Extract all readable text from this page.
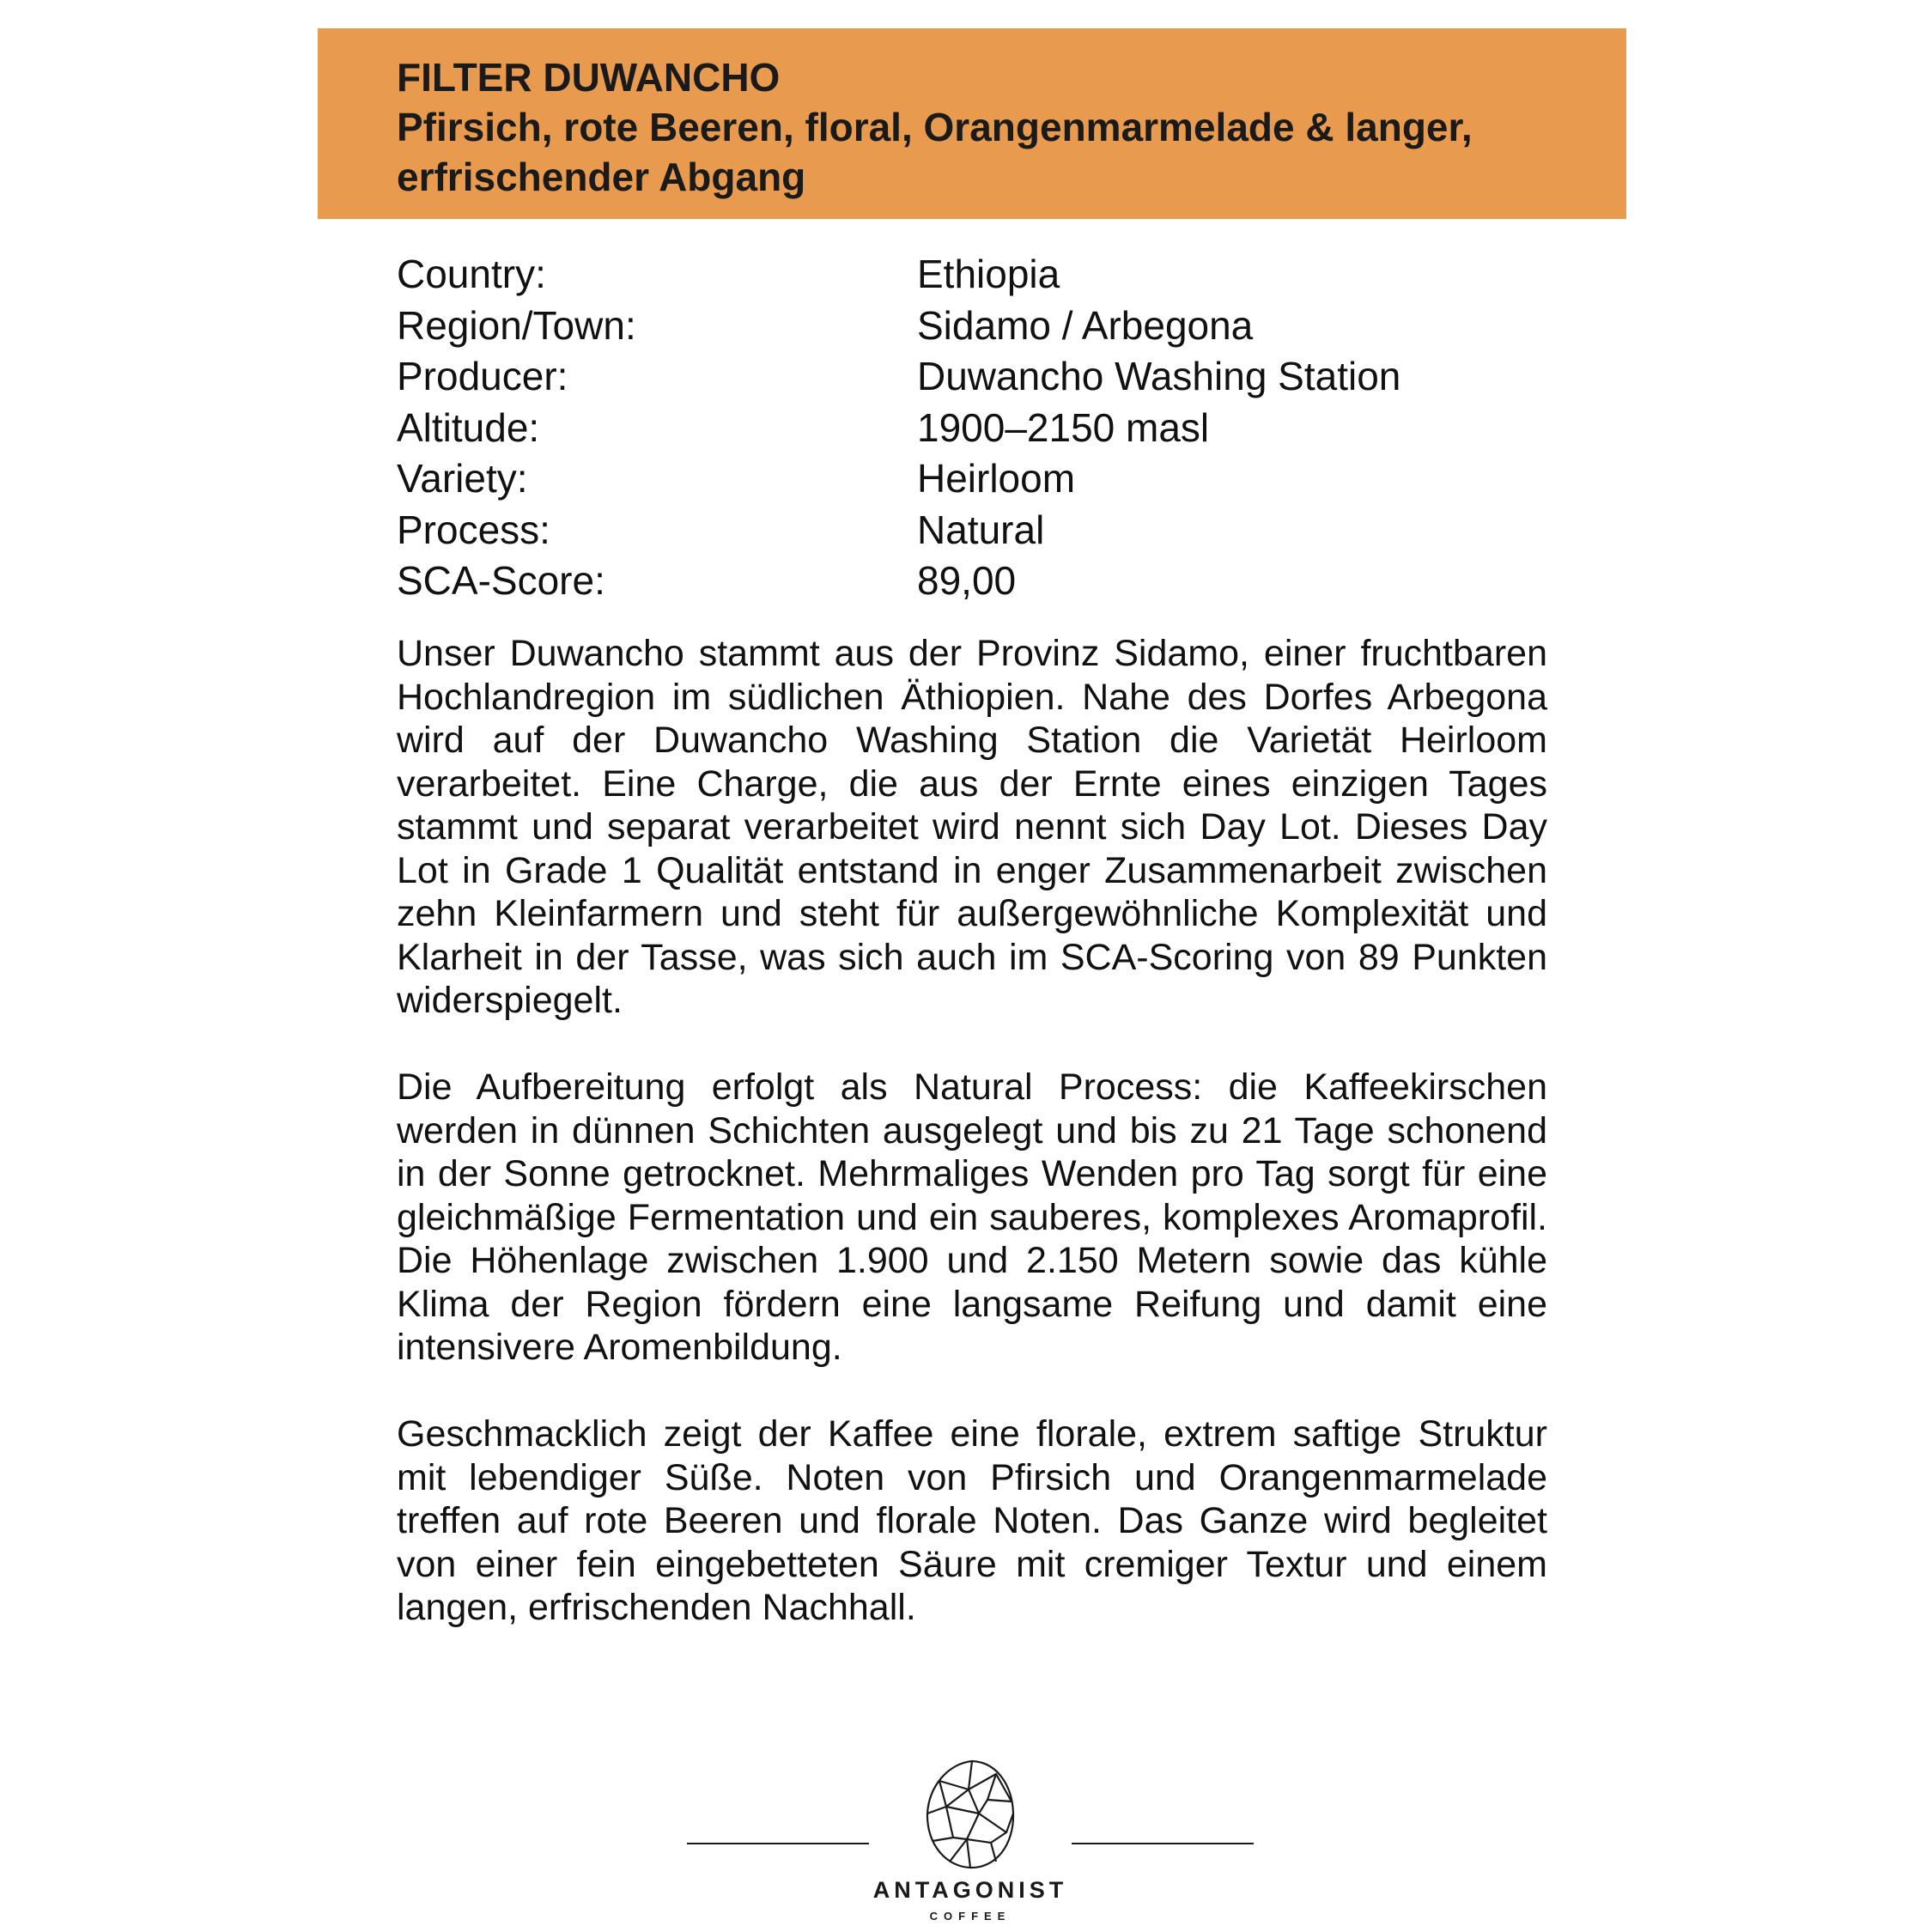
FILTER DUWANCHO
Pfirsich, rote Beeren, floral, Orangenmarmelade & langer, erfrischender Abgang
Country:	Ethiopia
Region/Town:	Sidamo / Arbegona
Producer:	Duwancho Washing Station
Altitude:	1900–2150 masl
Variety:	Heirloom
Process:	Natural
SCA-Score:	89,00

Unser Duwancho stammt aus der Provinz Sidamo, einer fruchtbaren Hochlandregion im südlichen Äthiopien. Nahe des Dorfes Arbegona wird auf der Duwancho Washing Station die Varietät Heirloom verarbeitet. Eine Charge, die aus der Ernte eines einzigen Tages stammt und separat verarbeitet wird nennt sich Day Lot. Dieses Day Lot in Grade 1 Qualität entstand in enger Zusammenarbeit zwischen zehn Kleinfarmern und steht für außergewöhnliche Komplexität und Klarheit in der Tasse, was sich auch im SCA-Scoring von 89 Punkten widerspiegelt.

Die Aufbereitung erfolgt als Natural Process: die Kaffeekirschen werden in dünnen Schichten ausgelegt und bis zu 21 Tage schonend in der Sonne getrocknet. Mehrmaliges Wenden pro Tag sorgt für eine gleichmäßige Fermentation und ein sauberes, komplexes Aromaprofil. Die Höhenlage zwischen 1.900 und 2.150 Metern sowie das kühle Klima der Region fördern eine langsame Reifung und damit eine intensivere Aromenbildung.

Geschmacklich zeigt der Kaffee eine florale, extrem saftige Struktur mit lebendiger Süße. Noten von Pfirsich und Orangenmarmelade treffen auf rote Beeren und florale Noten. Das Ganze wird begleitet von einer fein eingebetteten Säure mit cremiger Textur und einem langen, erfrischenden Nachhall.

ANTAGONIST
COFFEE
